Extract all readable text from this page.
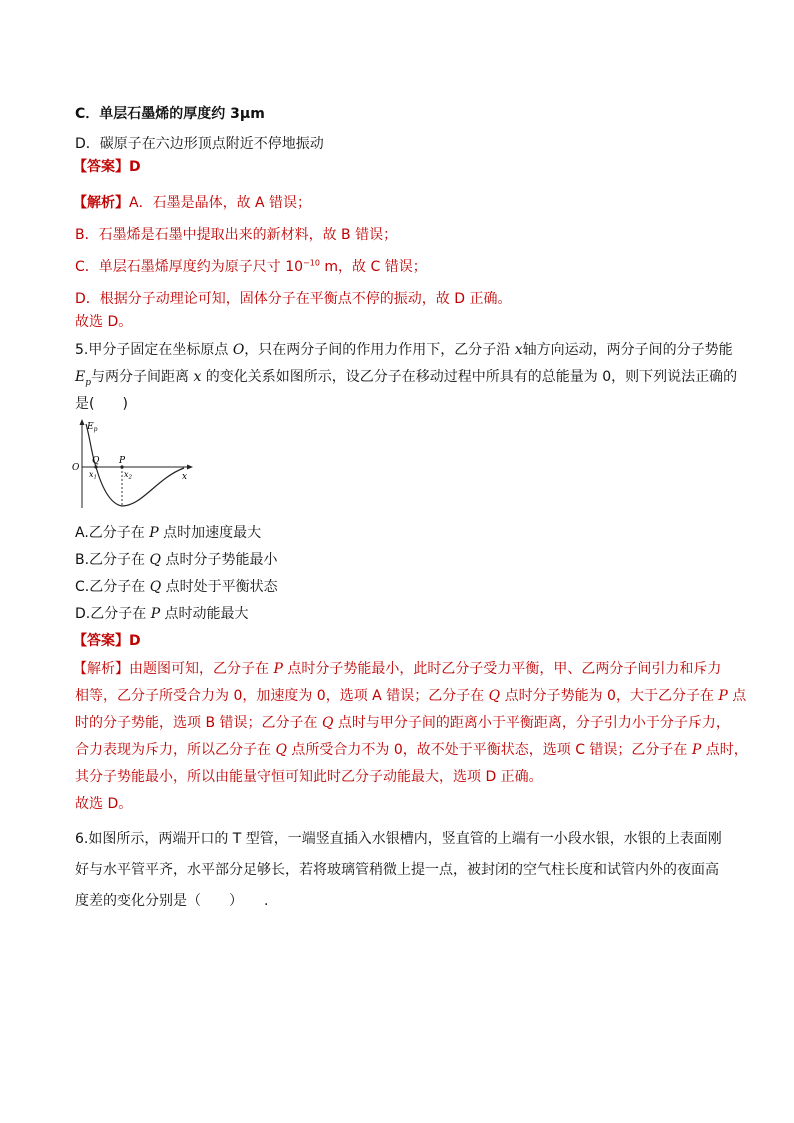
C．单层石墨烯的厚度约 3μm
D．碳原子在六边形顶点附近不停地振动
【答案】D
【解析】A．石墨是晶体，故 A 错误；
B．石墨烯是石墨中提取出来的新材料，故 B 错误；
C．单层石墨烯厚度约为原子尺寸 $10^{-10}$ m，故 C 错误；
D．根据分子动理论可知，固体分子在平衡点不停的振动，故 D 正确。
故选 D。
5.甲分子固定在坐标原点 O，只在两分子间的作用力作用下，乙分子沿 x轴方向运动，两分子间的分子势能
$E_p$与两分子间距离 x 的变化关系如图所示，设乙分子在移动过程中所具有的总能量为 0，则下列说法正确的
是(　　)
$E_p$
O
x
Q P
x1	x2
A.乙分子在 P 点时加速度最大
B.乙分子在 Q 点时分子势能最小
C.乙分子在 Q 点时处于平衡状态
D.乙分子在 P 点时动能最大
【答案】D
【解析】由题图可知，乙分子在 P 点时分子势能最小，此时乙分子受力平衡，甲、乙两分子间引力和斥力
相等，乙分子所受合力为 0，加速度为 0，选项 A 错误；乙分子在 Q 点时分子势能为 0，大于乙分子在 P 点
时的分子势能，选项 B 错误；乙分子在 Q 点时与甲分子间的距离小于平衡距离，分子引力小于分子斥力，
合力表现为斥力，所以乙分子在 Q 点所受合力不为 0，故不处于平衡状态，选项 C 错误；乙分子在 P 点时，
其分子势能最小，所以由能量守恒可知此时乙分子动能最大，选项 D 正确。
故选 D。
6.如图所示，两端开口的 T 型管，一端竖直插入水银槽内，竖直管的上端有一小段水银，水银的上表面刚
好与水平管平齐，水平部分足够长，若将玻璃管稍微上提一点，被封闭的空气柱长度和试管内外的夜面高
度差的变化分别是（　　）　　.
